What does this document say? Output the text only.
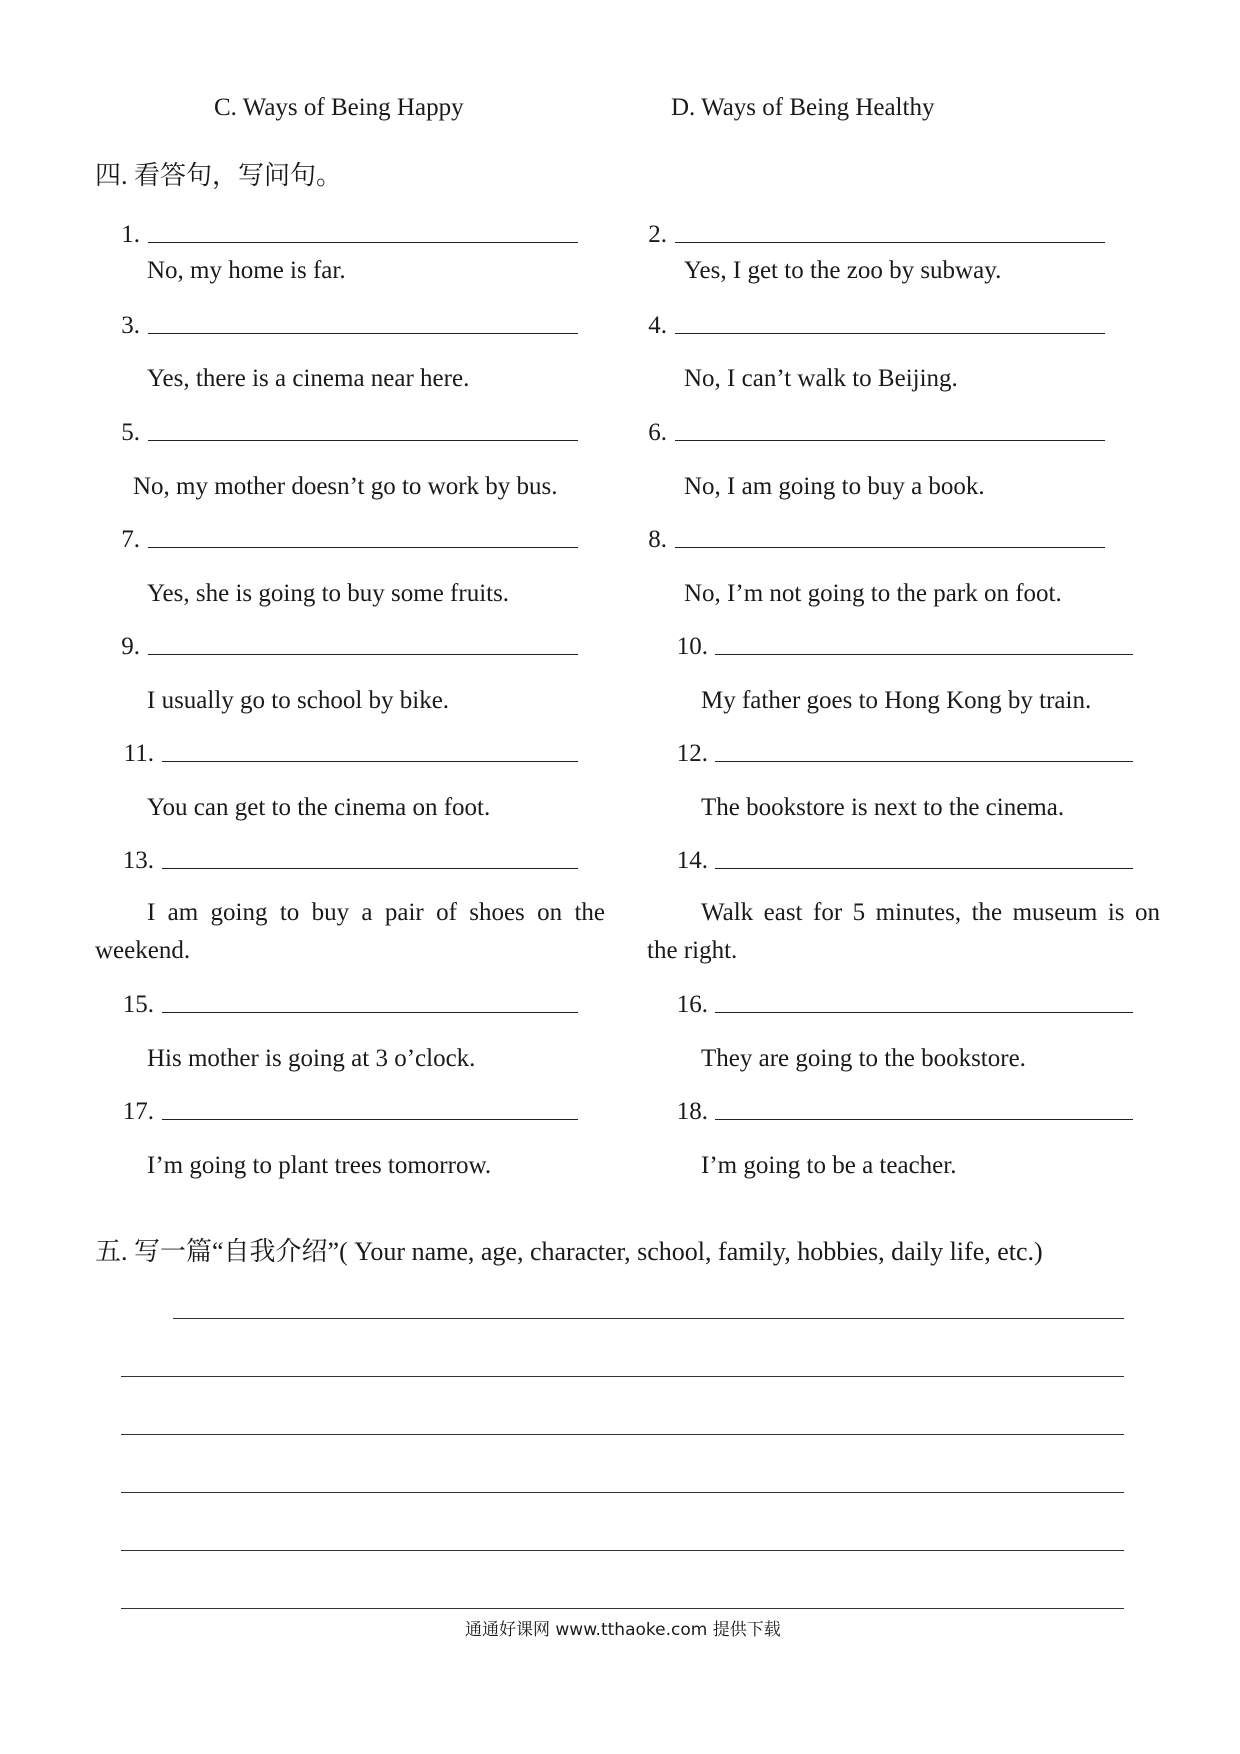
C. Ways of Being Happy	D. Ways of Being Healthy
四. 看答句，写问句。
1.
No, my home is far.
2.
Yes, I get to the zoo by subway.
3.
Yes, there is a cinema near here.
4.
No, I can’t walk to Beijing.
5.
No, my mother doesn’t go to work by bus.
6.
No, I am going to buy a book.
7.
Yes, she is going to buy some fruits.
8.
No, I’m not going to the park on foot.
9.
I usually go to school by bike.
10.
My father goes to Hong Kong by train.
11.
You can get to the cinema on foot.
12.
The bookstore is next to the cinema.
13.
I am going to buy a pair of shoes on the weekend.
14.
Walk east for 5 minutes, the museum is on the right.
15.
His mother is going at 3 o’clock.
16.
They are going to the bookstore.
17.
I’m going to plant trees tomorrow.
18.
I’m going to be a teacher.
五. 写一篇“自我介绍”( Your name, age, character, school, family, hobbies, daily life, etc.)
通通好课网 www.tthaoke.com 提供下载
